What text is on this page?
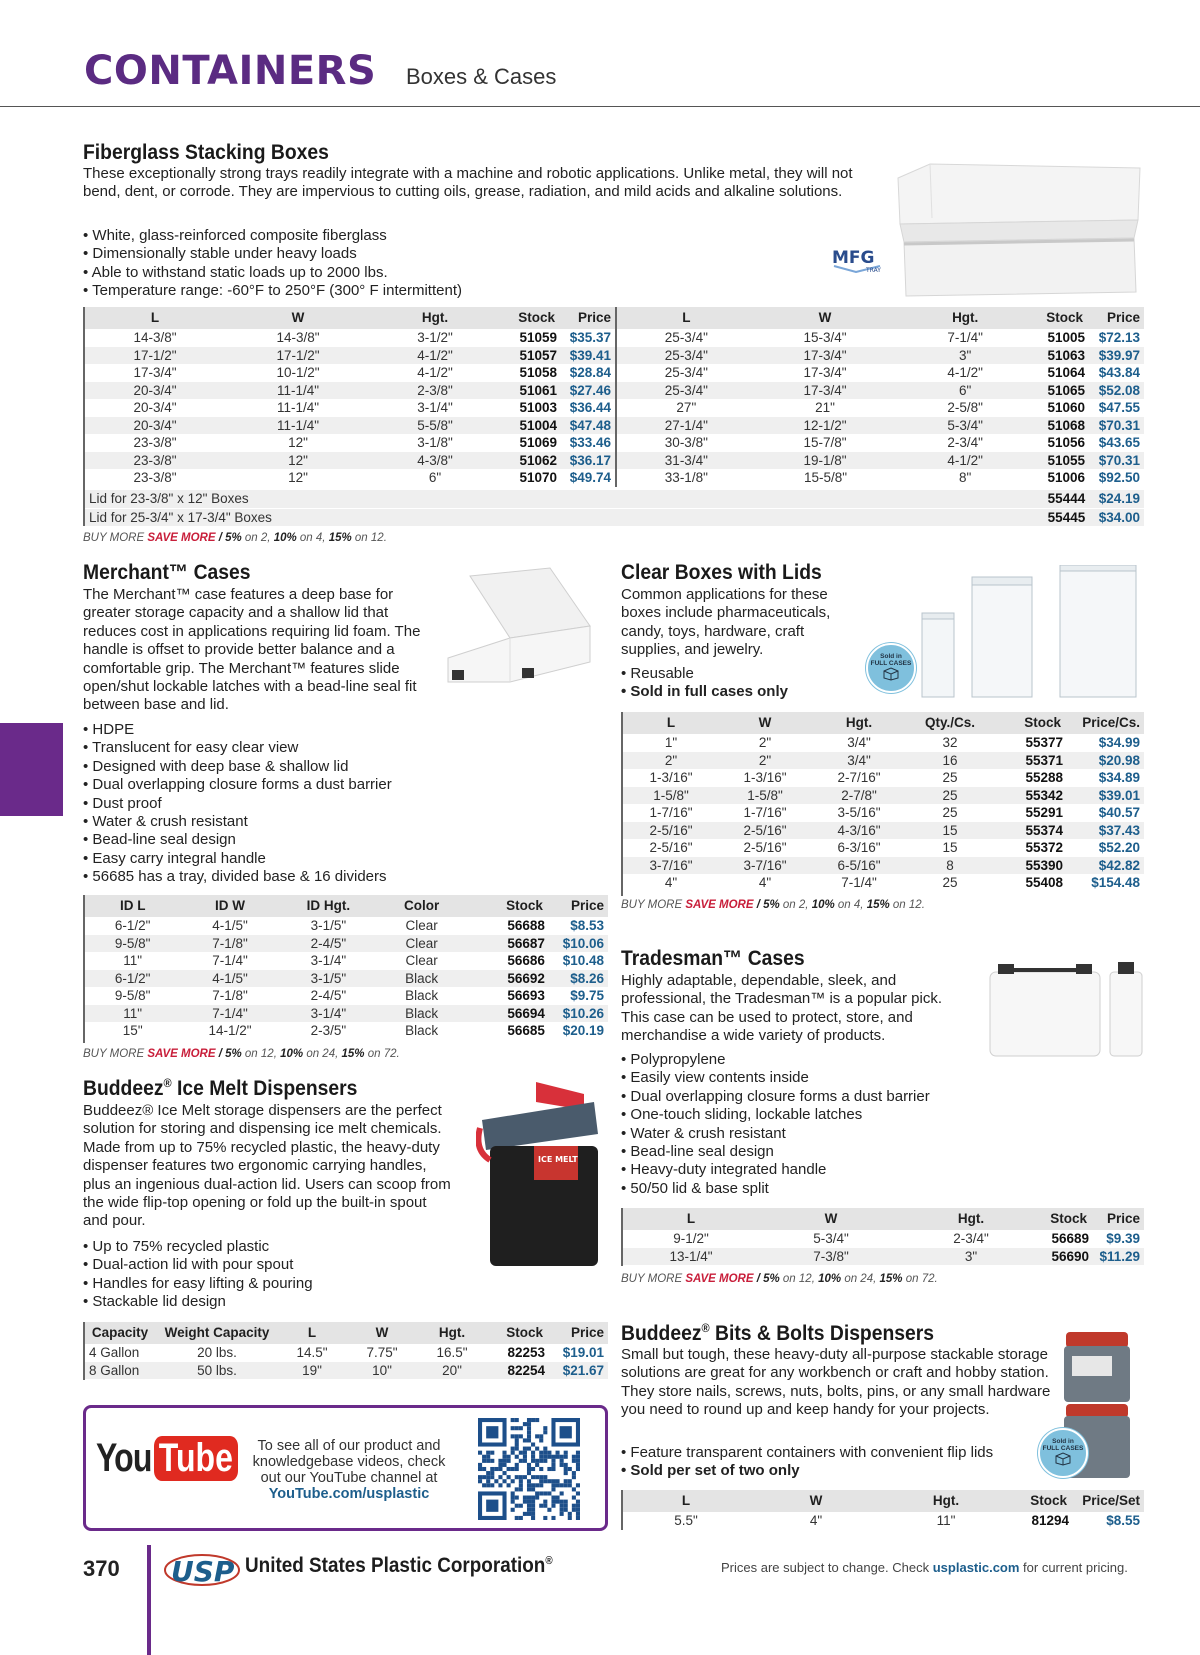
CONTAINERS Boxes & Cases
Fiberglass Stacking Boxes

These exceptionally strong trays readily integrate with a machine and robotic applications. Unlike metal, they will not bend, dent, or corrode. They are impervious to cutting oils, grease, radiation, and mild acids and alkaline solutions.

• White, glass-reinforced composite fiberglass
• Dimensionally stable under heavy loads
• Able to withstand static loads up to 2000 lbs.
• Temperature range: -60°F to 250°F (300° F intermittent)
MFG
TRAY
L	W	Hgt.	Stock	Price
14-3/8"	14-3/8"	3-1/2"	51059	$35.37
17-1/2"	17-1/2"	4-1/2"	51057	$39.41
17-3/4"	10-1/2"	4-1/2"	51058	$28.84
20-3/4"	11-1/4"	2-3/8"	51061	$27.46
20-3/4"	11-1/4"	3-1/4"	51003	$36.44
20-3/4"	11-1/4"	5-5/8"	51004	$47.48
23-3/8"	12"	3-1/8"	51069	$33.46
23-3/8"	12"	4-3/8"	51062	$36.17
23-3/8"	12"	6"	51070	$49.74
L	W	Hgt.	Stock	Price
25-3/4"	15-3/4"	7-1/4"	51005	$72.13
25-3/4"	17-3/4"	3"	51063	$39.97
25-3/4"	17-3/4"	4-1/2"	51064	$43.84
25-3/4"	17-3/4"	6"	51065	$52.08
27"	21"	2-5/8"	51060	$47.55
27-1/4"	12-1/2"	5-3/4"	51068	$70.31
30-3/8"	15-7/8"	2-3/4"	51056	$43.65
31-3/4"	19-1/8"	4-1/2"	51055	$70.31
33-1/8"	15-5/8"	8"	51006	$92.50
Lid for 23-3/8" x 12" Boxes	55444	$24.19
Lid for 25-3/4" x 17-3/4" Boxes	55445	$34.00
BUY MORE SAVE MORE / 5% on 2, 10% on 4, 15% on 12.
Merchant™ Cases

The Merchant™ case features a deep base for greater storage capacity and a shallow lid that reduces cost in applications requiring lid foam. The handle is offset to provide better balance and a comfortable grip. The Merchant™ features slide open/shut lockable latches with a bead-line seal fit between base and lid.

• HDPE
• Translucent for easy clear view
• Designed with deep base & shallow lid
• Dual overlapping closure forms a dust barrier
• Dust proof
• Water & crush resistant
• Bead-line seal design
• Easy carry integral handle
• 56685 has a tray, divided base & 16 dividers
ID L	ID W	ID Hgt.	Color	Stock	Price
6-1/2"	4-1/5"	3-1/5"	Clear	56688	$8.53
9-5/8"	7-1/8"	2-4/5"	Clear	56687	$10.06
11"	7-1/4"	3-1/4"	Clear	56686	$10.48
6-1/2"	4-1/5"	3-1/5"	Black	56692	$8.26
9-5/8"	7-1/8"	2-4/5"	Black	56693	$9.75
11"	7-1/4"	3-1/4"	Black	56694	$10.26
15"	14-1/2"	2-3/5"	Black	56685	$20.19
BUY MORE SAVE MORE / 5% on 12, 10% on 24, 15% on 72.
Clear Boxes with Lids

Common applications for these boxes include pharmaceuticals, candy, toys, hardware, craft supplies, and jewelry.

• Reusable
• Sold in full cases only
Sold in
FULL CASES
L	W	Hgt.	Qty./Cs.	Stock	Price/Cs.
1"	2"	3/4"	32	55377	$34.99
2"	2"	3/4"	16	55371	$20.98
1-3/16"	1-3/16"	2-7/16"	25	55288	$34.89
1-5/8"	1-5/8"	2-7/8"	25	55342	$39.01
1-7/16"	1-7/16"	3-5/16"	25	55291	$40.57
2-5/16"	2-5/16"	4-3/16"	15	55374	$37.43
2-5/16"	2-5/16"	6-3/16"	15	55372	$52.20
3-7/16"	3-7/16"	6-5/16"	8	55390	$42.82
4"	4"	7-1/4"	25	55408	$154.48
BUY MORE SAVE MORE / 5% on 2, 10% on 4, 15% on 12.
Tradesman™ Cases

Highly adaptable, dependable, sleek, and professional, the Tradesman™ is a popular pick. This case can be used to protect, store, and merchandise a wide variety of products.

• Polypropylene
• Easily view contents inside
• Dual overlapping closure forms a dust barrier
• One-touch sliding, lockable latches
• Water & crush resistant
• Bead-line seal design
• Heavy-duty integrated handle
• 50/50 lid & base split
L	W	Hgt.	Stock	Price
9-1/2"	5-3/4"	2-3/4"	56689	$9.39
13-1/4"	7-3/8"	3"	56690	$11.29
BUY MORE SAVE MORE / 5% on 12, 10% on 24, 15% on 72.
Buddeez® Ice Melt Dispensers

Buddeez® Ice Melt storage dispensers are the perfect solution for storing and dispensing ice melt chemicals. Made from up to 75% recycled plastic, the heavy-duty dispenser features two ergonomic carrying handles, plus an ingenious dual-action lid. Users can scoop from the wide flip-top opening or fold up the built-in spout and pour.

• Up to 75% recycled plastic
• Dual-action lid with pour spout
• Handles for easy lifting & pouring
• Stackable lid design
ICE MELT
Capacity	Weight Capacity	L	W	Hgt.	Stock	Price
4 Gallon	20 lbs.	14.5"	7.75"	16.5"	82253	$19.01
8 Gallon	50 lbs.	19"	10"	20"	82254	$21.67
Buddeez® Bits & Bolts Dispensers

Small but tough, these heavy-duty all-purpose stackable storage solutions are great for any workbench or craft and hobby station. They store nails, screws, nuts, bolts, pins, or any small hardware you need to round up and keep handy for your projects.

• Feature transparent containers with convenient flip lids
• Sold per set of two only
Sold in
FULL CASES
L	W	Hgt.	Stock	Price/Set
5.5"	4"	11"	81294	$8.55
You Tube	To see all of our product and knowledgebase videos, check out our YouTube channel at
YouTube.com/usplastic
370 USP United States Plastic Corporation®	Prices are subject to change. Check usplastic.com for current pricing.
